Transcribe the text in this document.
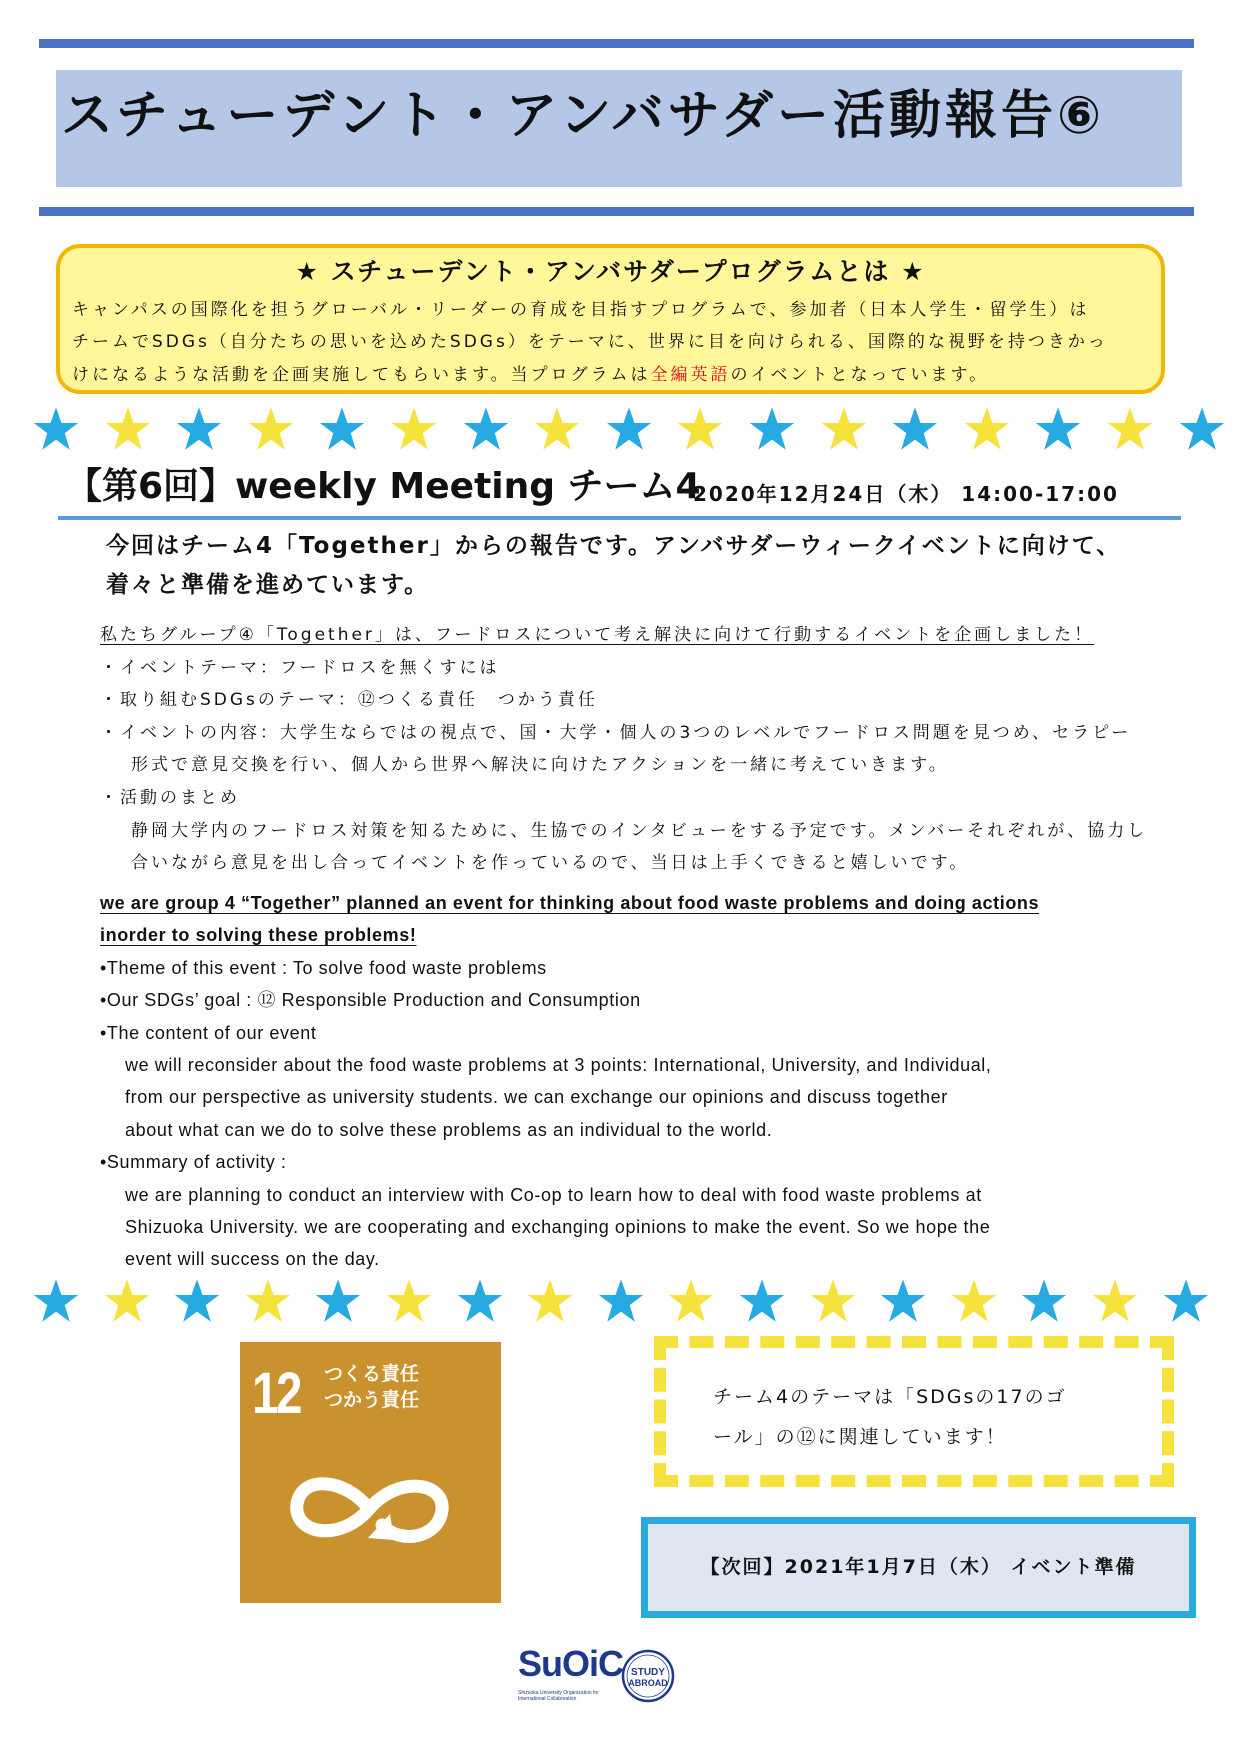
スチューデント・アンバサダー活動報告⑥
★ スチューデント・アンバサダープログラムとは ★
キャンパスの国際化を担うグローバル・リーダーの育成を目指すプログラムで、参加者（日本人学生・留学生）は
チームでSDGs（自分たちの思いを込めたSDGs）をテーマに、世界に目を向けられる、国際的な視野を持つきかっ
けになるような活動を企画実施してもらいます。当プログラムは全編英語のイベントとなっています。
【第6回】weekly Meeting チーム4
2020年12月24日（木） 14:00-17:00
今回はチーム4「Together」からの報告です。アンバサダーウィークイベントに向けて、
着々と準備を進めています。
私たちグループ④「Together」は、フードロスについて考え解決に向けて行動するイベントを企画しました！
・イベントテーマ：フードロスを無くすには
・取り組むSDGsのテーマ：⑫つくる責任　つかう責任
・イベントの内容：大学生ならではの視点で、国・大学・個人の3つのレベルでフードロス問題を見つめ、セラピー
形式で意見交換を行い、個人から世界へ解決に向けたアクションを一緒に考えていきます。
・活動のまとめ
静岡大学内のフードロス対策を知るために、生協でのインタビューをする予定です。メンバーそれぞれが、協力し
合いながら意見を出し合ってイベントを作っているので、当日は上手くできると嬉しいです。
we are group 4 “Together” planned an event for thinking about food waste problems and doing actions
inorder to solving these problems!
•Theme of this event : To solve food waste problems
•Our SDGs’ goal : ⑫ Responsible Production and Consumption
•The content of our event
we will reconsider about the food waste problems at 3 points: International, University, and Individual,
from our perspective as university students. we can exchange our opinions and discuss together
about what can we do to solve these problems as an individual to the world.
•Summary of activity :
we are planning to conduct an interview with Co-op to learn how to deal with food waste problems at
Shizuoka University. we are cooperating and exchanging opinions to make the event. So we hope the
event will success on the day.
12 つくる責任
つかう責任	チーム4のテーマは「SDGsの17のゴ
ール」の⑫に関連しています！
【次回】2021年1月7日（木） イベント準備
SuOiC
Shizuoka University Organization for International Collaboration
STUDY
ABROAD
